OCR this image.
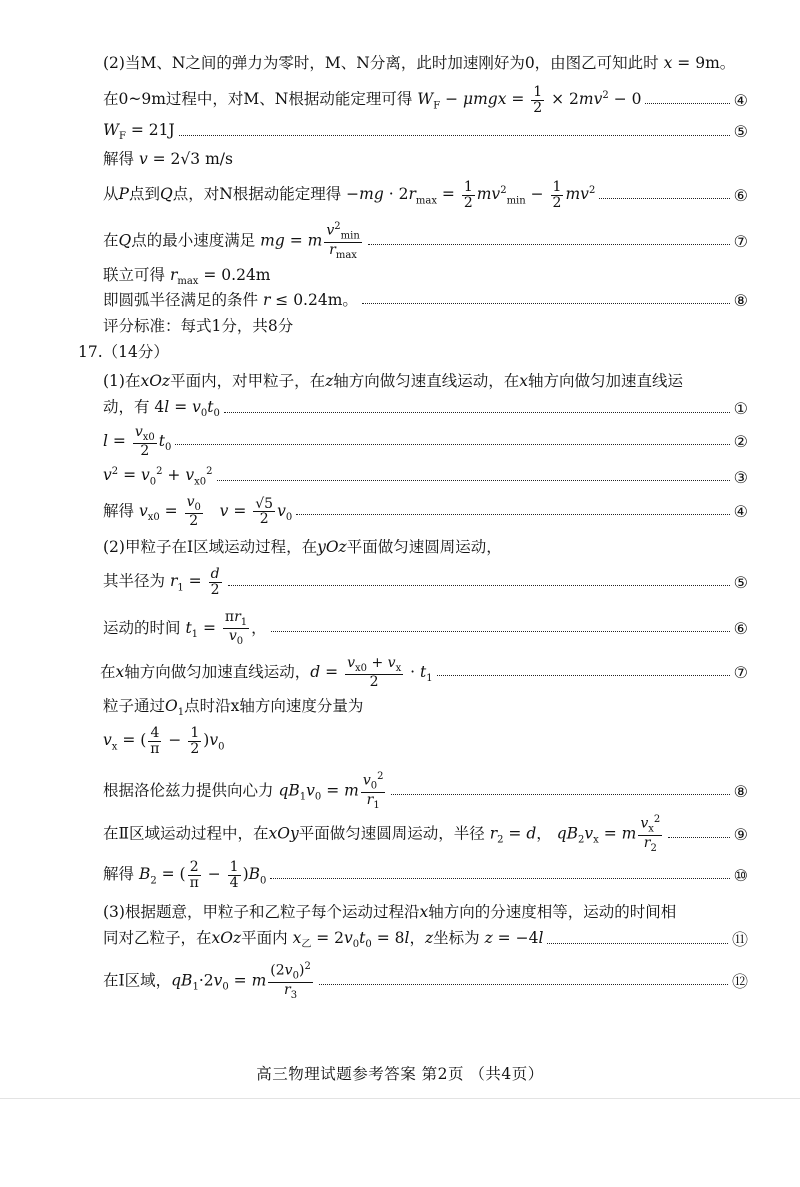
(2)当M、N之间的弹力为零时，M、N分离，此时加速刚好为0，由图乙可知此时 x = 9m。
在0~9m过程中，对M、N根据动能定理可得 $W_F - \mu mgx = \frac{1}{2} \times 2mv^2 - 0$	④
$W_F = 21J$	⑤
解得 v = 2√3 m/s
从P点到Q点，对N根据动能定理得 $-mg \cdot 2r_{max} = \frac{1}{2} mv^2_{min} - \frac{1}{2} mv^2$	⑥
在Q点的最小速度满足 mg = m $\frac{v^2_{min}}{r_{max}}$	⑦
联立可得 $r_{max} = 0.24m$
即圆弧半径满足的条件 r ≤ 0.24m。	⑧
评分标准：每式1分，共8分
17.（14分）
(1)在xOz平面内，对甲粒子，在z轴方向做匀速直线运动，在x轴方向做匀加速直线运
动，有 $4l = v_0t_0$	①
$l = \frac{v_{x0}}{2} t_0$	②
$v^2 = v_0^2 + v_{x0}^2$	③
解得 $v_{x0} = \frac{v_0}{2}$ $v = \frac{√5}{2} v_0$	④
(2)甲粒子在Ⅰ区域运动过程，在yOz平面做匀速圆周运动，
其半径为 $r_1 = \frac{d}{2}$	⑤
运动的时间 $t_1 = \frac{\pi r_1}{v_0}$ ，	⑥
在x轴方向做匀加速直线运动，$d = \frac{v_{x0} + v_x}{2} \cdot t_1$	⑦
粒子通过$O_1$点时沿x轴方向速度分量为
$v_x$ = ( $\frac{4}{\pi} - \frac{1}{2} )v_0$
根据洛伦兹力提供向心力 $qB_1v_0 = m \frac{v_0^2}{r_1}$	⑧
在Ⅱ区域运动过程中，在xOy平面做匀速圆周运动，半径 $r_2 = d$， $qB_2v_x = m \frac{v_x^2}{r_2}$	⑨
解得 $B_2$ = ( $\frac{2}{\pi} - \frac{1}{4} )B_0$	⑩
(3)根据题意，甲粒子和乙粒子每个运动过程沿x轴方向的分速度相等，运动的时间相
同对乙粒子，在xOz平面内 $x_乙 = 2v_0t_0 = 8l$，z坐标为 z = −4l	⑪
在Ⅰ区域，$qB_1\cdot 2v_0 = m \frac{(2v_0)^2}{r_3}$	⑫
高三物理试题参考答案 第2页 （共4页）
